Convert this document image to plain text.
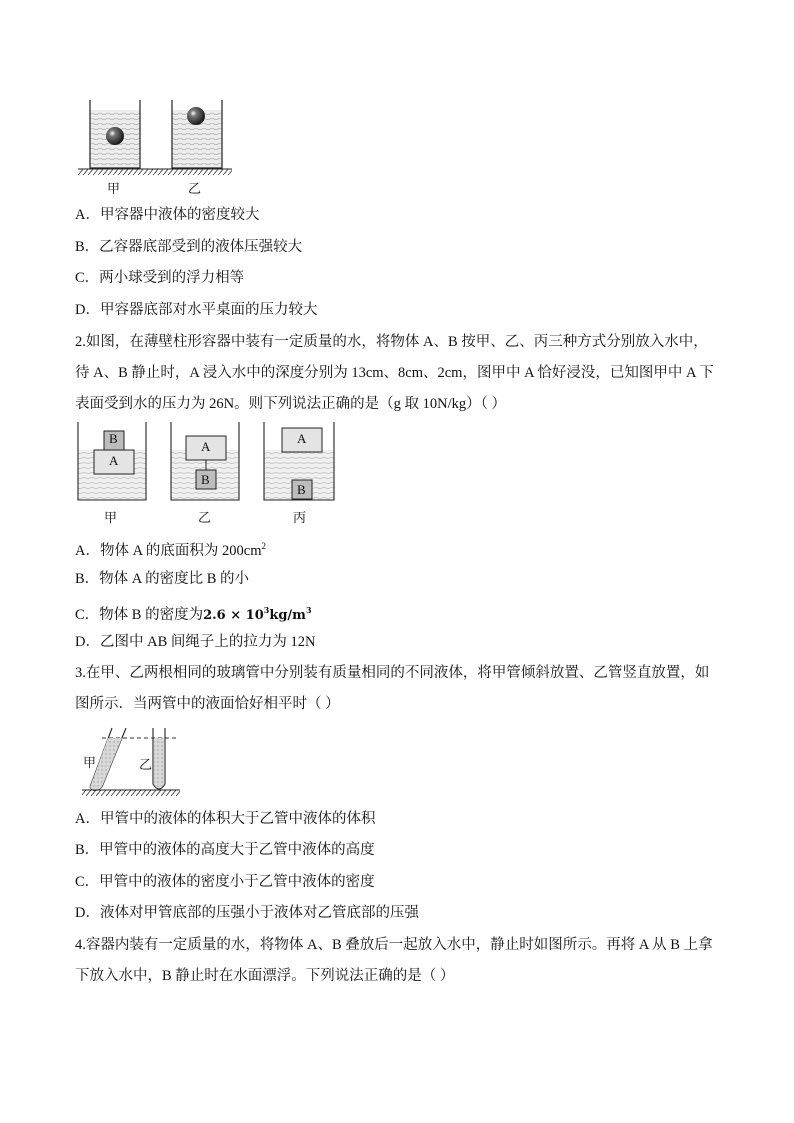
甲	乙
A．甲容器中液体的密度较大
B．乙容器底部受到的液体压强较大
C．两小球受到的浮力相等
D．甲容器底部对水平桌面的压力较大
2.如图，在薄壁柱形容器中装有一定质量的水，将物体 A、B 按甲、乙、丙三种方式分别放入水中，
待 A、B 静止时，A 浸入水中的深度分别为 13cm、8cm、2cm，图甲中 A 恰好浸没，已知图甲中 A 下
表面受到水的压力为 26N。则下列说法正确的是（g 取 10N/kg）（ ）
B
A
A
B
A
B
甲	乙	丙
A．物体 A 的底面积为 $200cm^2$
B．物体 A 的密度比 B 的小
C．物体 B 的密度为$2.6 \times 10^3kg/m^3$
D．乙图中 AB 间绳子上的拉力为 12N
3.在甲、乙两根相同的玻璃管中分别装有质量相同的不同液体，将甲管倾斜放置、乙管竖直放置，如
图所示．当两管中的液面恰好相平时（ ）
甲	乙
A．甲管中的液体的体积大于乙管中液体的体积
B．甲管中的液体的高度大于乙管中液体的高度
C．甲管中的液体的密度小于乙管中液体的密度
D．液体对甲管底部的压强小于液体对乙管底部的压强
4.容器内装有一定质量的水，将物体 A、B 叠放后一起放入水中，静止时如图所示。再将 A 从 B 上拿
下放入水中，B 静止时在水面漂浮。下列说法正确的是（ ）
